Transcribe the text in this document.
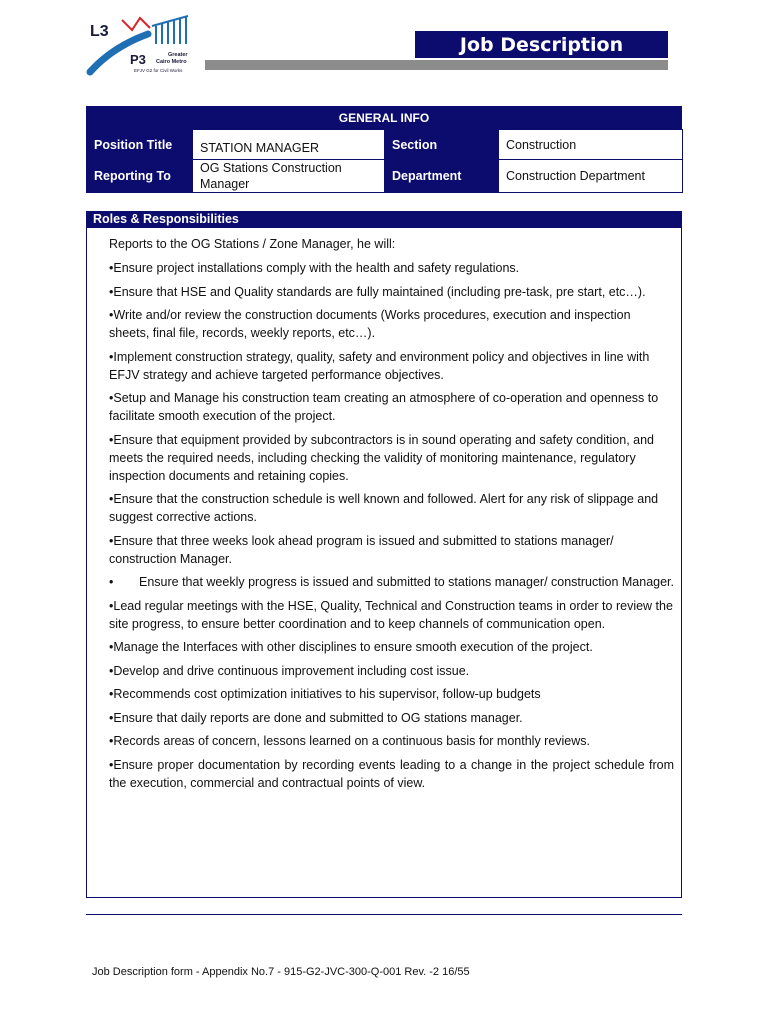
L3
P3	Greater
Cairo Metro
EFJV G2 for Civil Works
Job Description
GENERAL INFO
Position Title	STATION MANAGER	Section	Construction
Reporting To	OG Stations Construction Manager	Department	Construction Department
Roles & Responsibilities

Reports to the OG Stations / Zone Manager, he will:

•Ensure project installations comply with the health and safety regulations.

•Ensure that HSE and Quality standards are fully maintained (including pre-task, pre start, etc…).

•Write and/or review the construction documents (Works procedures, execution and inspection sheets, final file, records, weekly reports, etc…).

•Implement construction strategy, quality, safety and environment policy and objectives in line with EFJV strategy and achieve targeted performance objectives.

•Setup and Manage his construction team creating an atmosphere of co-operation and openness to facilitate smooth execution of the project.

•Ensure that equipment provided by subcontractors is in sound operating and safety condition, and meets the required needs, including checking the validity of monitoring maintenance, regulatory inspection documents and retaining copies.

•Ensure that the construction schedule is well known and followed. Alert for any risk of slippage and suggest corrective actions.

•Ensure that three weeks look ahead program is issued and submitted to stations manager/ construction Manager.

• Ensure that weekly progress is issued and submitted to stations manager/ construction Manager.

•Lead regular meetings with the HSE, Quality, Technical and Construction teams in order to review the site progress, to ensure better coordination and to keep channels of communication open.

•Manage the Interfaces with other disciplines to ensure smooth execution of the project.

•Develop and drive continuous improvement including cost issue.

•Recommends cost optimization initiatives to his supervisor, follow-up budgets

•Ensure that daily reports are done and submitted to OG stations manager.

•Records areas of concern, lessons learned on a continuous basis for monthly reviews.

•Ensure proper documentation by recording events leading to a change in the project schedule from the execution, commercial and contractual points of view.

Job Description form - Appendix No.7 - 915-G2-JVC-300-Q-001 Rev. -2 16/55
